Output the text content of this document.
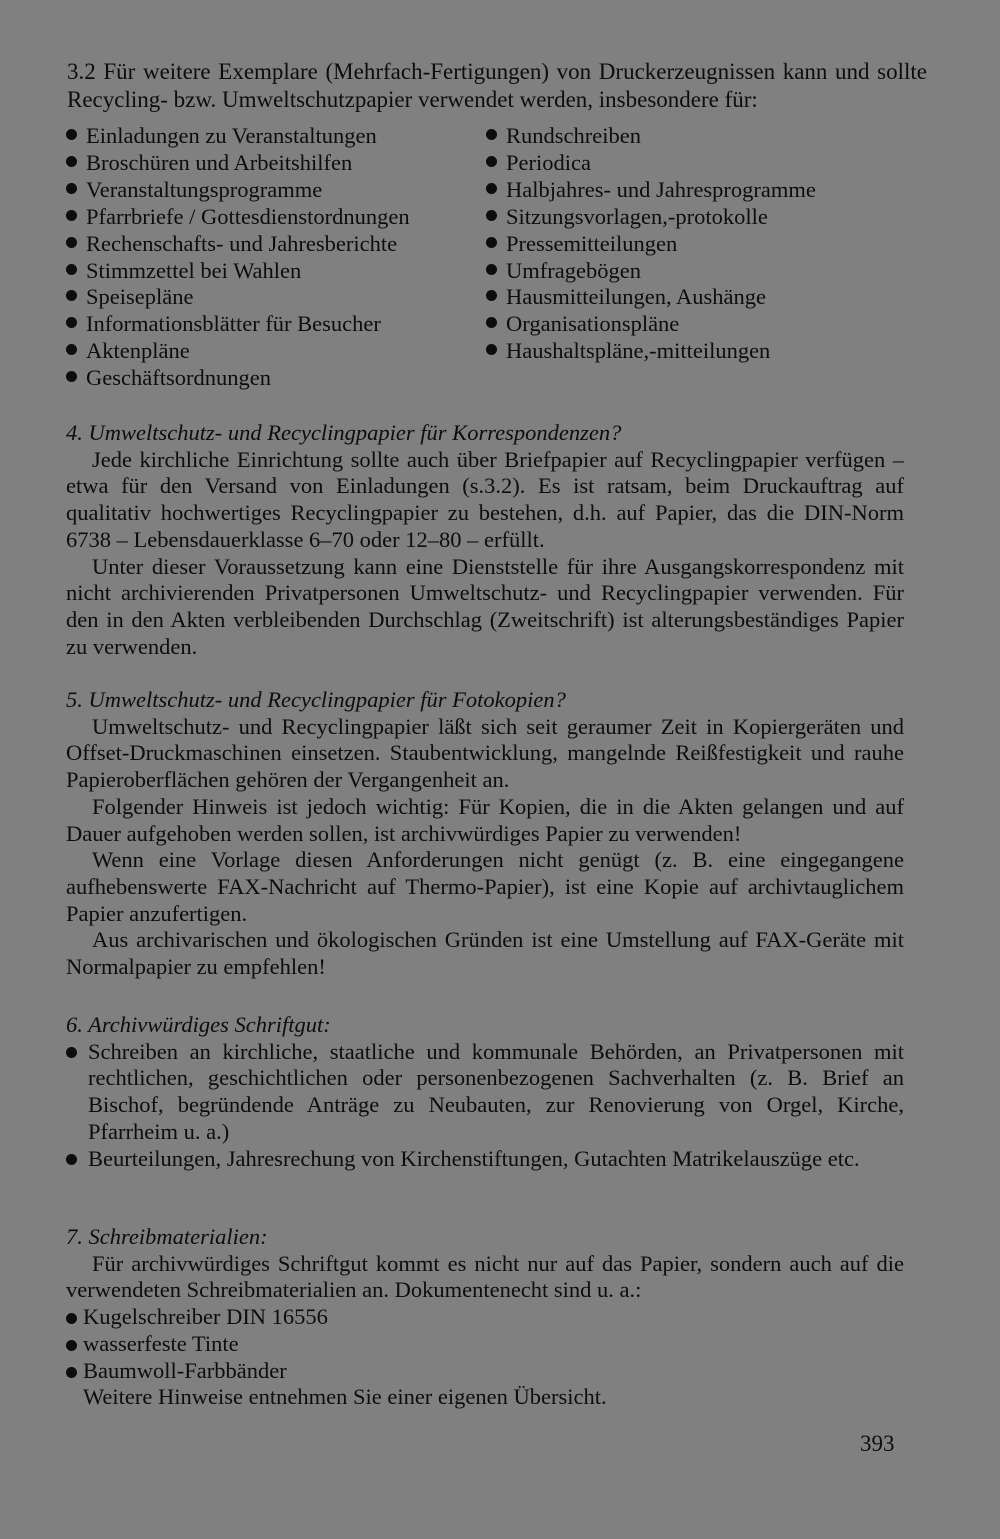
3.2 Für weitere Exemplare (Mehrfach-Fertigungen) von Druckerzeugnissen kann und sollte Recycling- bzw. Umweltschutzpapier verwendet werden, insbesondere für:
Einladungen zu Veranstaltungen
Broschüren und Arbeitshilfen
Veranstaltungsprogramme
Pfarrbriefe / Gottesdienstordnungen
Rechenschafts- und Jahresberichte
Stimmzettel bei Wahlen
Speisepläne
Informationsblätter für Besucher
Aktenpläne
Geschäftsordnungen
Rundschreiben
Periodica
Halbjahres- und Jahresprogramme
Sitzungsvorlagen,-protokolle
Pressemitteilungen
Umfragebögen
Hausmitteilungen, Aushänge
Organisationspläne
Haushaltspläne,-mitteilungen
4. Umweltschutz- und Recyclingpapier für Korrespondenzen?
Jede kirchliche Einrichtung sollte auch über Briefpapier auf Recyclingpapier verfügen – etwa für den Versand von Einladungen (s.3.2). Es ist ratsam, beim Druckauftrag auf qualitativ hochwertiges Recyclingpapier zu bestehen, d.h. auf Papier, das die DIN-Norm 6738 – Lebensdauerklasse 6–70 oder 12–80 – erfüllt.
Unter dieser Voraussetzung kann eine Dienststelle für ihre Ausgangskorrespondenz mit nicht archivierenden Privatpersonen Umweltschutz- und Recyclingpapier verwenden. Für den in den Akten verbleibenden Durchschlag (Zweitschrift) ist alterungsbeständiges Papier zu verwenden.
5. Umweltschutz- und Recyclingpapier für Fotokopien?
Umweltschutz- und Recyclingpapier läßt sich seit geraumer Zeit in Kopiergeräten und Offset-Druckmaschinen einsetzen. Staubentwicklung, mangelnde Reißfestigkeit und rauhe Papieroberflächen gehören der Vergangenheit an.
Folgender Hinweis ist jedoch wichtig: Für Kopien, die in die Akten gelangen und auf Dauer aufgehoben werden sollen, ist archivwürdiges Papier zu verwenden!
Wenn eine Vorlage diesen Anforderungen nicht genügt (z. B. eine eingegangene aufhebenswerte FAX-Nachricht auf Thermo-Papier), ist eine Kopie auf archivtauglichem Papier anzufertigen.
Aus archivarischen und ökologischen Gründen ist eine Umstellung auf FAX-Geräte mit Normalpapier zu empfehlen!
6. Archivwürdiges Schriftgut:
Schreiben an kirchliche, staatliche und kommunale Behörden, an Privatpersonen mit rechtlichen, geschichtlichen oder personenbezogenen Sachverhalten (z. B. Brief an Bischof, begründende Anträge zu Neubauten, zur Renovierung von Orgel, Kirche, Pfarrheim u. a.)
Beurteilungen, Jahresrechung von Kirchenstiftungen, Gutachten Matrikelauszüge etc.
7. Schreibmaterialien:
Für archivwürdiges Schriftgut kommt es nicht nur auf das Papier, sondern auch auf die verwendeten Schreibmaterialien an. Dokumentenecht sind u. a.:
Kugelschreiber DIN 16556
wasserfeste Tinte
Baumwoll-Farbbänder
Weitere Hinweise entnehmen Sie einer eigenen Übersicht.
393
